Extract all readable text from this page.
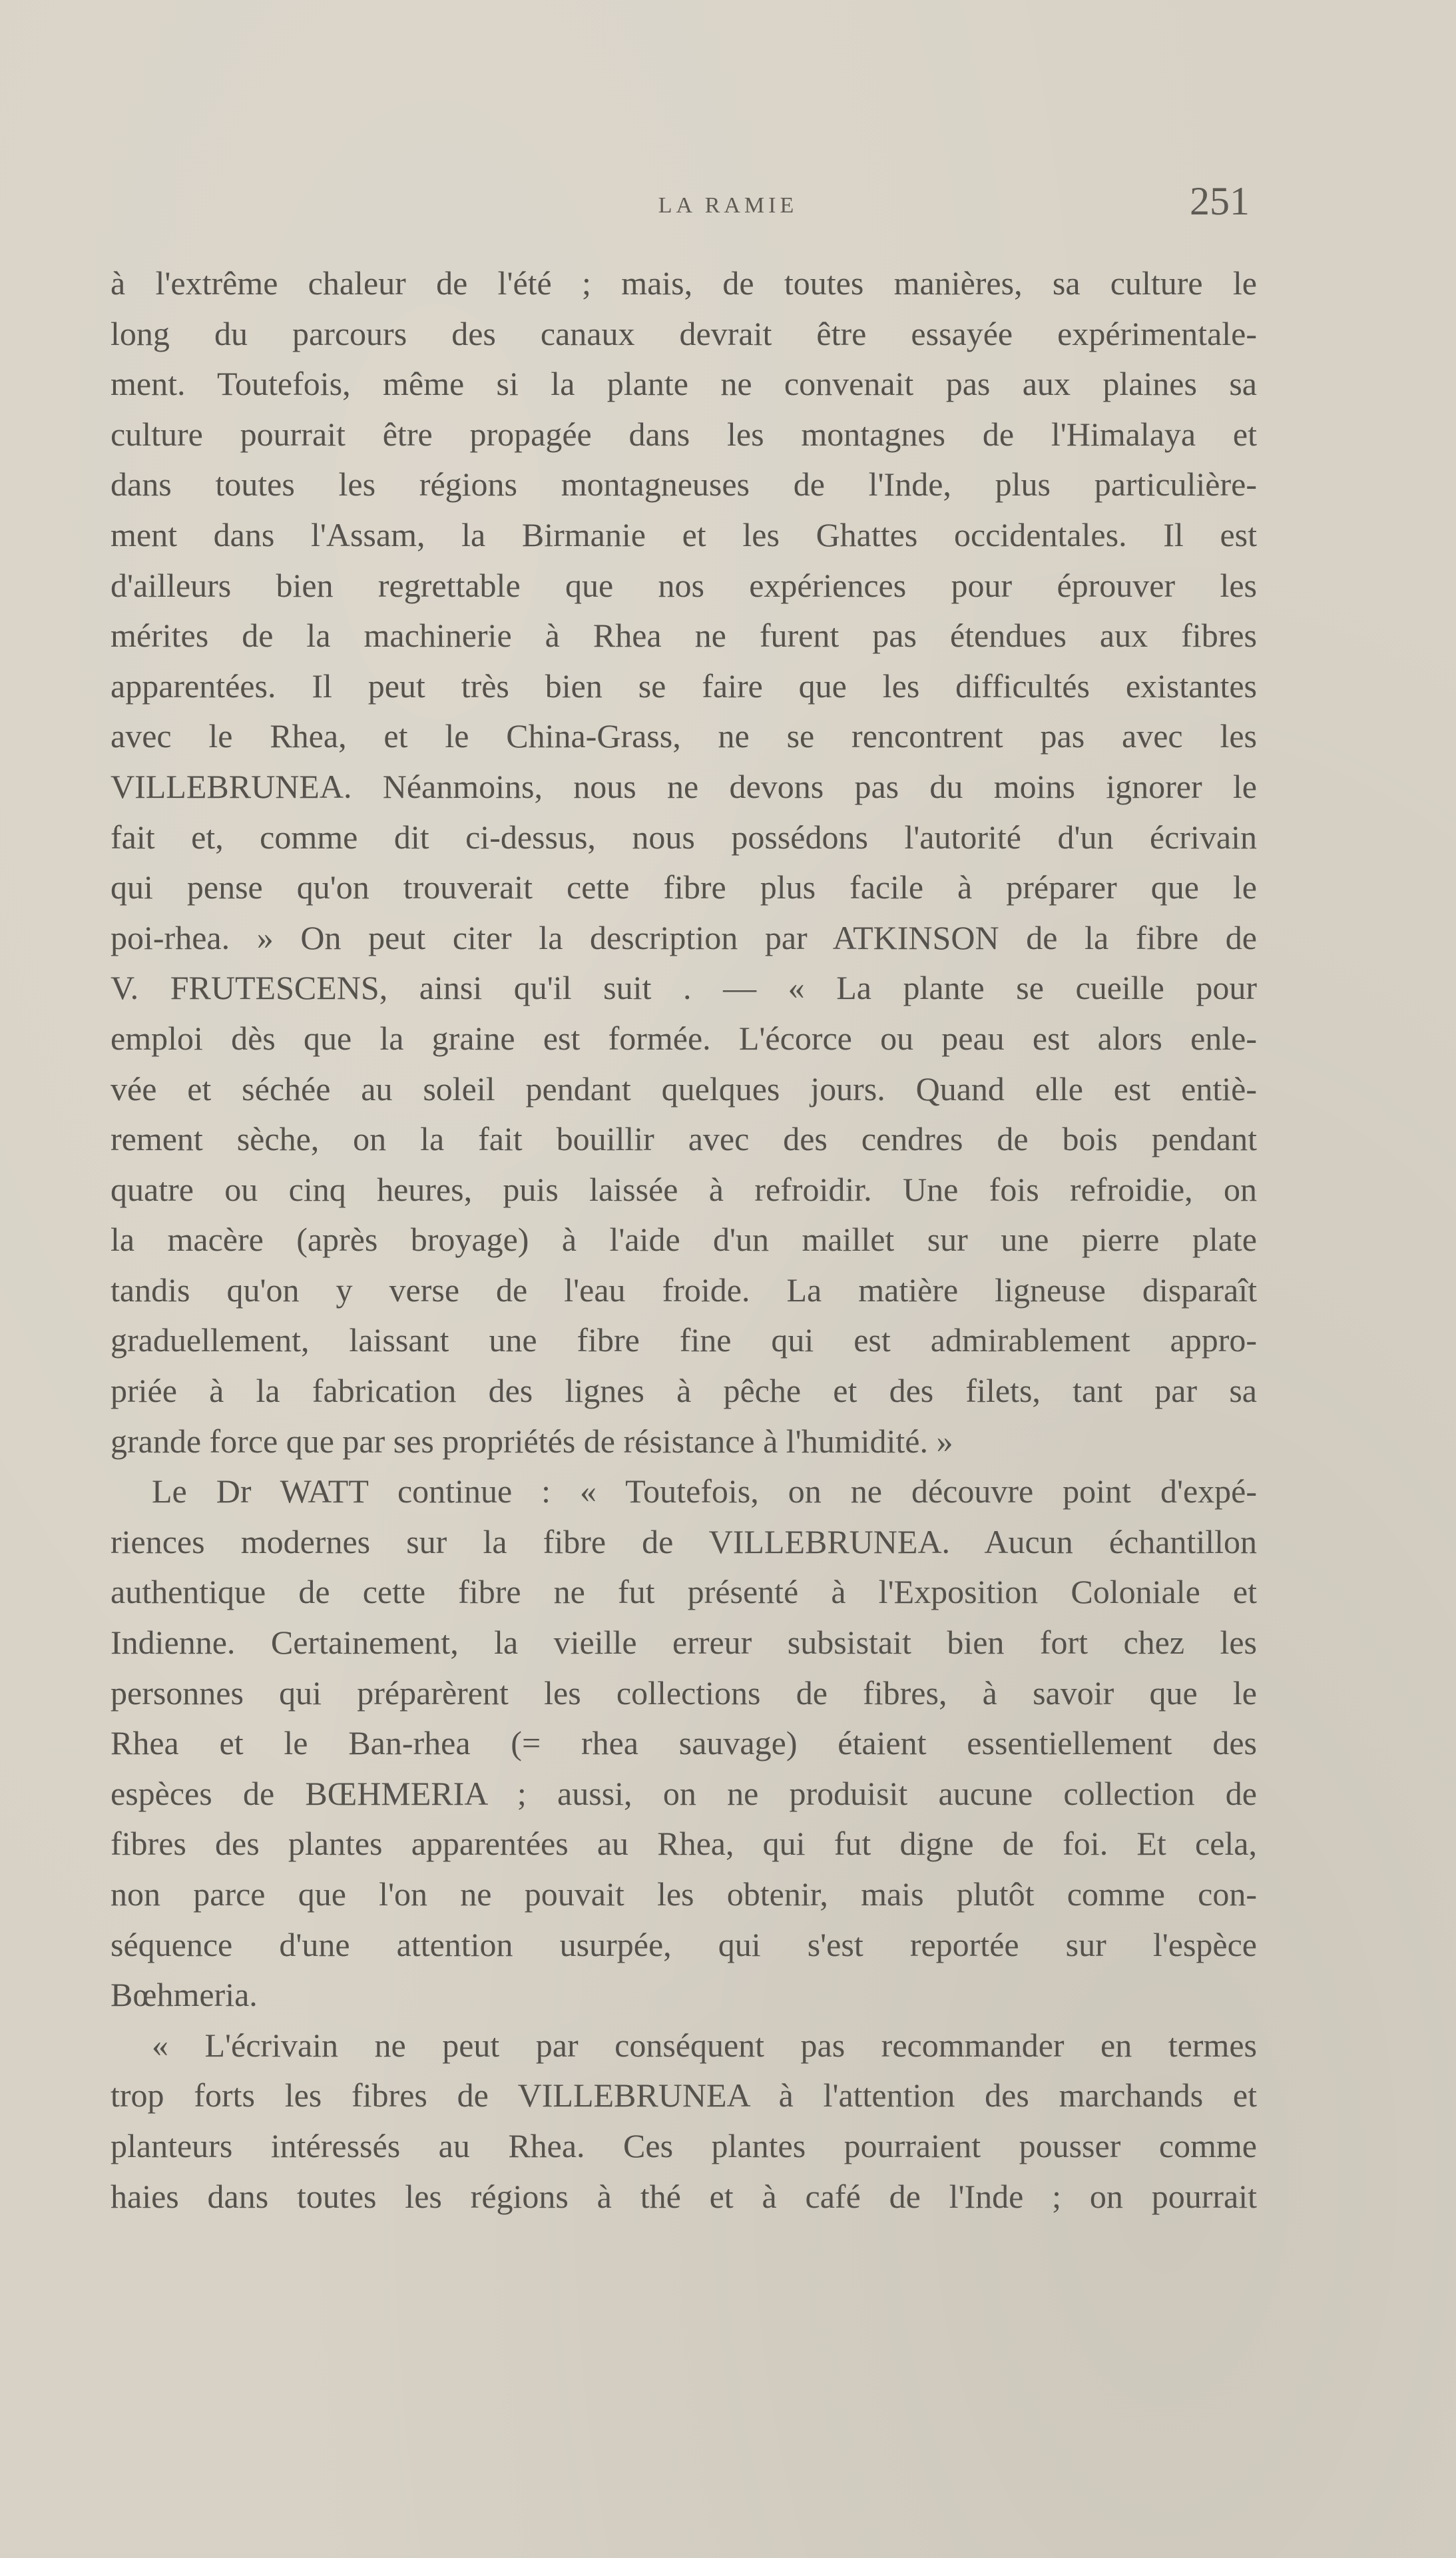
LA RAMIE	251
à l'extrême chaleur de l'été ; mais, de toutes manières, sa culture le
long du parcours des canaux devrait être essayée expérimentale-
ment. Toutefois, même si la plante ne convenait pas aux plaines sa
culture pourrait être propagée dans les montagnes de l'Himalaya et
dans toutes les régions montagneuses de l'Inde, plus particulière-
ment dans l'Assam, la Birmanie et les Ghattes occidentales. Il est
d'ailleurs bien regrettable que nos expériences pour éprouver les
mérites de la machinerie à Rhea ne furent pas étendues aux fibres
apparentées. Il peut très bien se faire que les difficultés existantes
avec le Rhea, et le China-Grass, ne se rencontrent pas avec les
VILLEBRUNEA. Néanmoins, nous ne devons pas du moins ignorer le
fait et, comme dit ci-dessus, nous possédons l'autorité d'un écrivain
qui pense qu'on trouverait cette fibre plus facile à préparer que le
poi-rhea. » On peut citer la description par ATKINSON de la fibre de
V. FRUTESCENS, ainsi qu'il suit . — « La plante se cueille pour
emploi dès que la graine est formée. L'écorce ou peau est alors enle-
vée et séchée au soleil pendant quelques jours. Quand elle est entiè-
rement sèche, on la fait bouillir avec des cendres de bois pendant
quatre ou cinq heures, puis laissée à refroidir. Une fois refroidie, on
la macère (après broyage) à l'aide d'un maillet sur une pierre plate
tandis qu'on y verse de l'eau froide. La matière ligneuse disparaît
graduellement, laissant une fibre fine qui est admirablement appro-
priée à la fabrication des lignes à pêche et des filets, tant par sa
grande force que par ses propriétés de résistance à l'humidité. »
Le Dr WATT continue : « Toutefois, on ne découvre point d'expé-
riences modernes sur la fibre de VILLEBRUNEA. Aucun échantillon
authentique de cette fibre ne fut présenté à l'Exposition Coloniale et
Indienne. Certainement, la vieille erreur subsistait bien fort chez les
personnes qui préparèrent les collections de fibres, à savoir que le
Rhea et le Ban-rhea (= rhea sauvage) étaient essentiellement des
espèces de BŒHMERIA ; aussi, on ne produisit aucune collection de
fibres des plantes apparentées au Rhea, qui fut digne de foi. Et cela,
non parce que l'on ne pouvait les obtenir, mais plutôt comme con-
séquence d'une attention usurpée, qui s'est reportée sur l'espèce
Bœhmeria.
« L'écrivain ne peut par conséquent pas recommander en termes
trop forts les fibres de VILLEBRUNEA à l'attention des marchands et
planteurs intéressés au Rhea. Ces plantes pourraient pousser comme
haies dans toutes les régions à thé et à café de l'Inde ; on pourrait
